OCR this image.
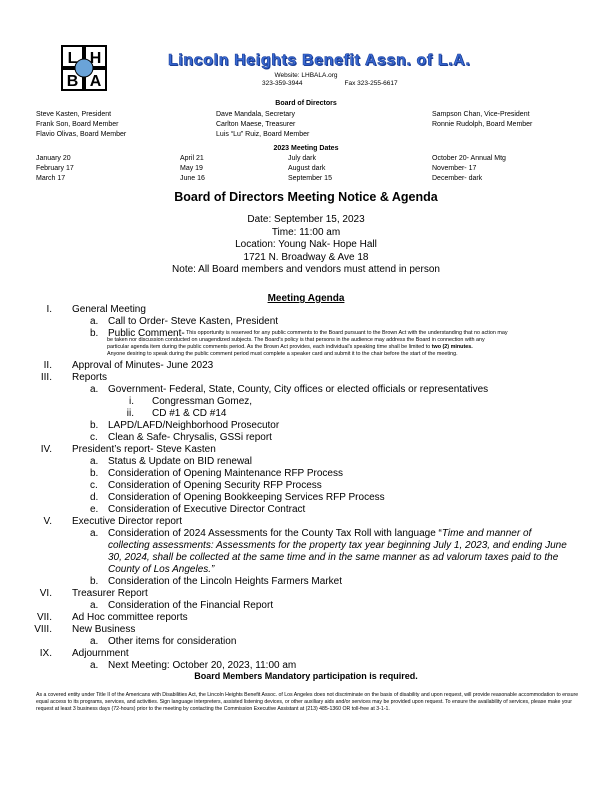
L H
B A
Lincoln Heights Benefit Assn. of L.A.
Website: LHBALA.org
323-359-3944	Fax 323-255-6617
Board of Directors
Steve Kasten, President
Frank Son, Board Member
Flavio Olivas, Board Member
Dave Mandala, Secretary
Carlton Maese, Treasurer
Luis “Lu” Ruiz, Board Member
Sampson Chan, Vice-President
Ronnie Rudolph, Board Member
2023 Meeting Dates
January 20
February 17
March 17
April 21
May 19
June 16
July dark
August dark
September 15
October 20- Annual Mtg
November- 17
December- dark
Board of Directors Meeting Notice & Agenda
Date: September 15, 2023
Time: 11:00 am
Location: Young Nak- Hope Hall
1721 N. Broadway & Ave 18
Note: All Board members and vendors must attend in person
Meeting Agenda
I. General Meeting
a. Call to Order- Steve Kasten, President
b. Public Comment- This opportunity is reserved for any public comments to the Board pursuant to the Brown Act with the understanding that no action may
be taken nor discussion conducted on unagendized subjects. The Board’s policy is that persons in the audience may address the Board in connection with any
particular agenda item during the public comments period. As the Brown Act provides, each individual’s speaking time shall be limited to two (2) minutes.
Anyone desiring to speak during the public comment period must complete a speaker card and submit it to the chair before the start of the meeting.
II. Approval of Minutes- June 2023
III. Reports
a. Government- Federal, State, County, City offices or elected officials or representatives
i. Congressman Gomez,
ii. CD #1 & CD #14
b. LAPD/LAFD/Neighborhood Prosecutor
c. Clean & Safe- Chrysalis, GSSi report
IV. President’s report- Steve Kasten
a. Status & Update on BID renewal
b. Consideration of Opening Maintenance RFP Process
c. Consideration of Opening Security RFP Process
d. Consideration of Opening Bookkeeping Services RFP Process
e. Consideration of Executive Director Contract
V. Executive Director report
a. Consideration of 2024 Assessments for the County Tax Roll with language “Time and manner of
collecting assessments: Assessments for the property tax year beginning July 1, 2023, and ending June
30, 2024, shall be collected at the same time and in the same manner as ad valorum taxes paid to the
County of Los Angeles.”
b. Consideration of the Lincoln Heights Farmers Market
VI. Treasurer Report
a. Consideration of the Financial Report
VII. Ad Hoc committee reports
VIII. New Business
a. Other items for consideration
IX. Adjournment
a. Next Meeting: October 20, 2023, 11:00 am
Board Members Mandatory participation is required.
As a covered entity under Title II of the Americans with Disabilities Act, the Lincoln Heights Benefit Assoc. of Los Angeles does not discriminate on the basis of disability and upon request, will provide reasonable accommodation to ensure equal access to its programs, services, and activities. Sign language interpreters, assisted listening devices, or other auxiliary aids and/or services may be provided upon request. To ensure the availability of services, please make your request at least 3 business days (72-hours) prior to the meeting by contacting the Commission Executive Assistant at (213) 485-1360 OR toll-free at 3-1-1.
